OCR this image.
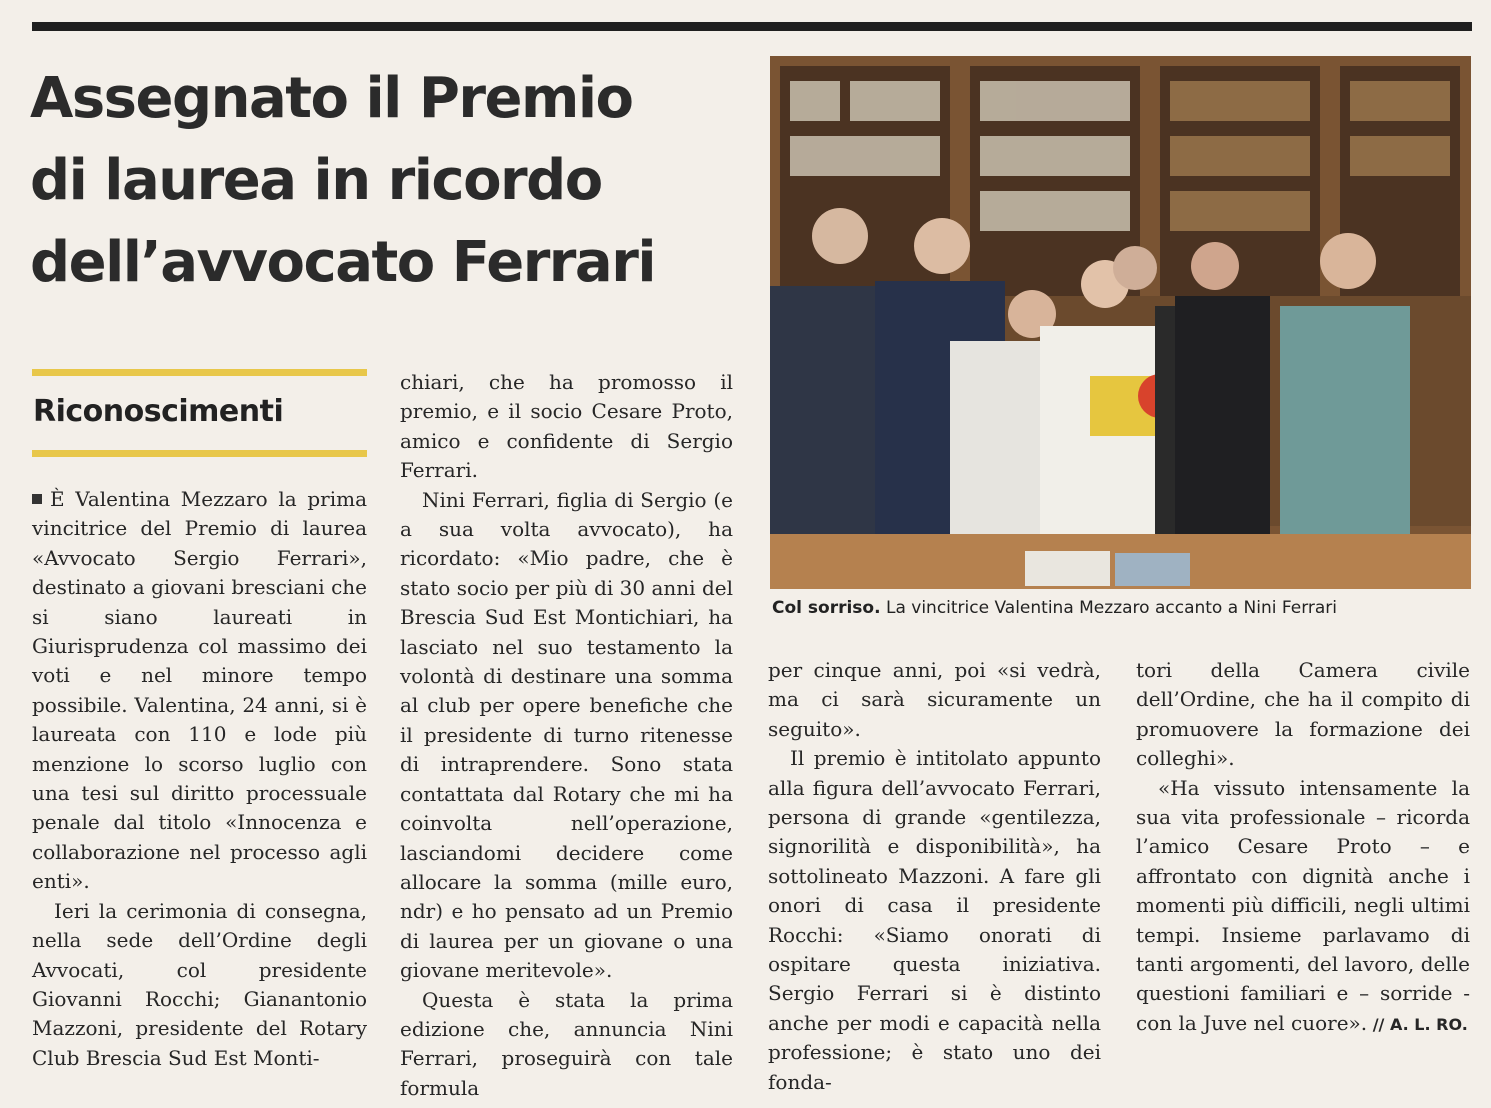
Assegnato il Premio
di laurea in ricordo
dell’avvocato Ferrari
Riconoscimenti

È Valentina Mezzaro la prima vincitrice del Premio di laurea «Avvocato Sergio Ferrari», destinato a giovani bresciani che si siano laureati in Giurisprudenza col massimo dei voti e nel minore tempo possibile. Valentina, 24 anni, si è laureata con 110 e lode più menzione lo scorso luglio con una tesi sul diritto processuale penale dal titolo «Innocenza e collaborazione nel processo agli enti».

Ieri la cerimonia di consegna, nella sede dell’Ordine degli Avvocati, col presidente Giovanni Rocchi; Gianantonio Mazzoni, presidente del Rotary Club Brescia Sud Est Monti-

chiari, che ha promosso il premio, e il socio Cesare Proto, amico e confidente di Sergio Ferrari.

Nini Ferrari, figlia di Sergio (e a sua volta avvocato), ha ricordato: «Mio padre, che è stato socio per più di 30 anni del Brescia Sud Est Montichiari, ha lasciato nel suo testamento la volontà di destinare una somma al club per opere benefiche che il presidente di turno ritenesse di intraprendere. Sono stata contattata dal Rotary che mi ha coinvolta nell’operazione, lasciandomi decidere come allocare la somma (mille euro, ndr) e ho pensato ad un Premio di laurea per un giovane o una giovane meritevole».

Questa è stata la prima edizione che, annuncia Nini Ferrari, proseguirà con tale formula

Col sorriso. La vincitrice Valentina Mezzaro accanto a Nini Ferrari

per cinque anni, poi «si vedrà, ma ci sarà sicuramente un seguito».

Il premio è intitolato appunto alla figura dell’avvocato Ferrari, persona di grande «gentilezza, signorilità e disponibilità», ha sottolineato Mazzoni. A fare gli onori di casa il presidente Rocchi: «Siamo onorati di ospitare questa iniziativa. Sergio Ferrari si è distinto anche per modi e capacità nella professione; è stato uno dei fonda-

tori della Camera civile dell’Ordine, che ha il compito di promuovere la formazione dei colleghi».

«Ha vissuto intensamente la sua vita professionale – ricorda l’amico Cesare Proto – e affrontato con dignità anche i momenti più difficili, negli ultimi tempi. Insieme parlavamo di tanti argomenti, del lavoro, delle questioni familiari e – sorride - con la Juve nel cuore». // A. L. RO.
